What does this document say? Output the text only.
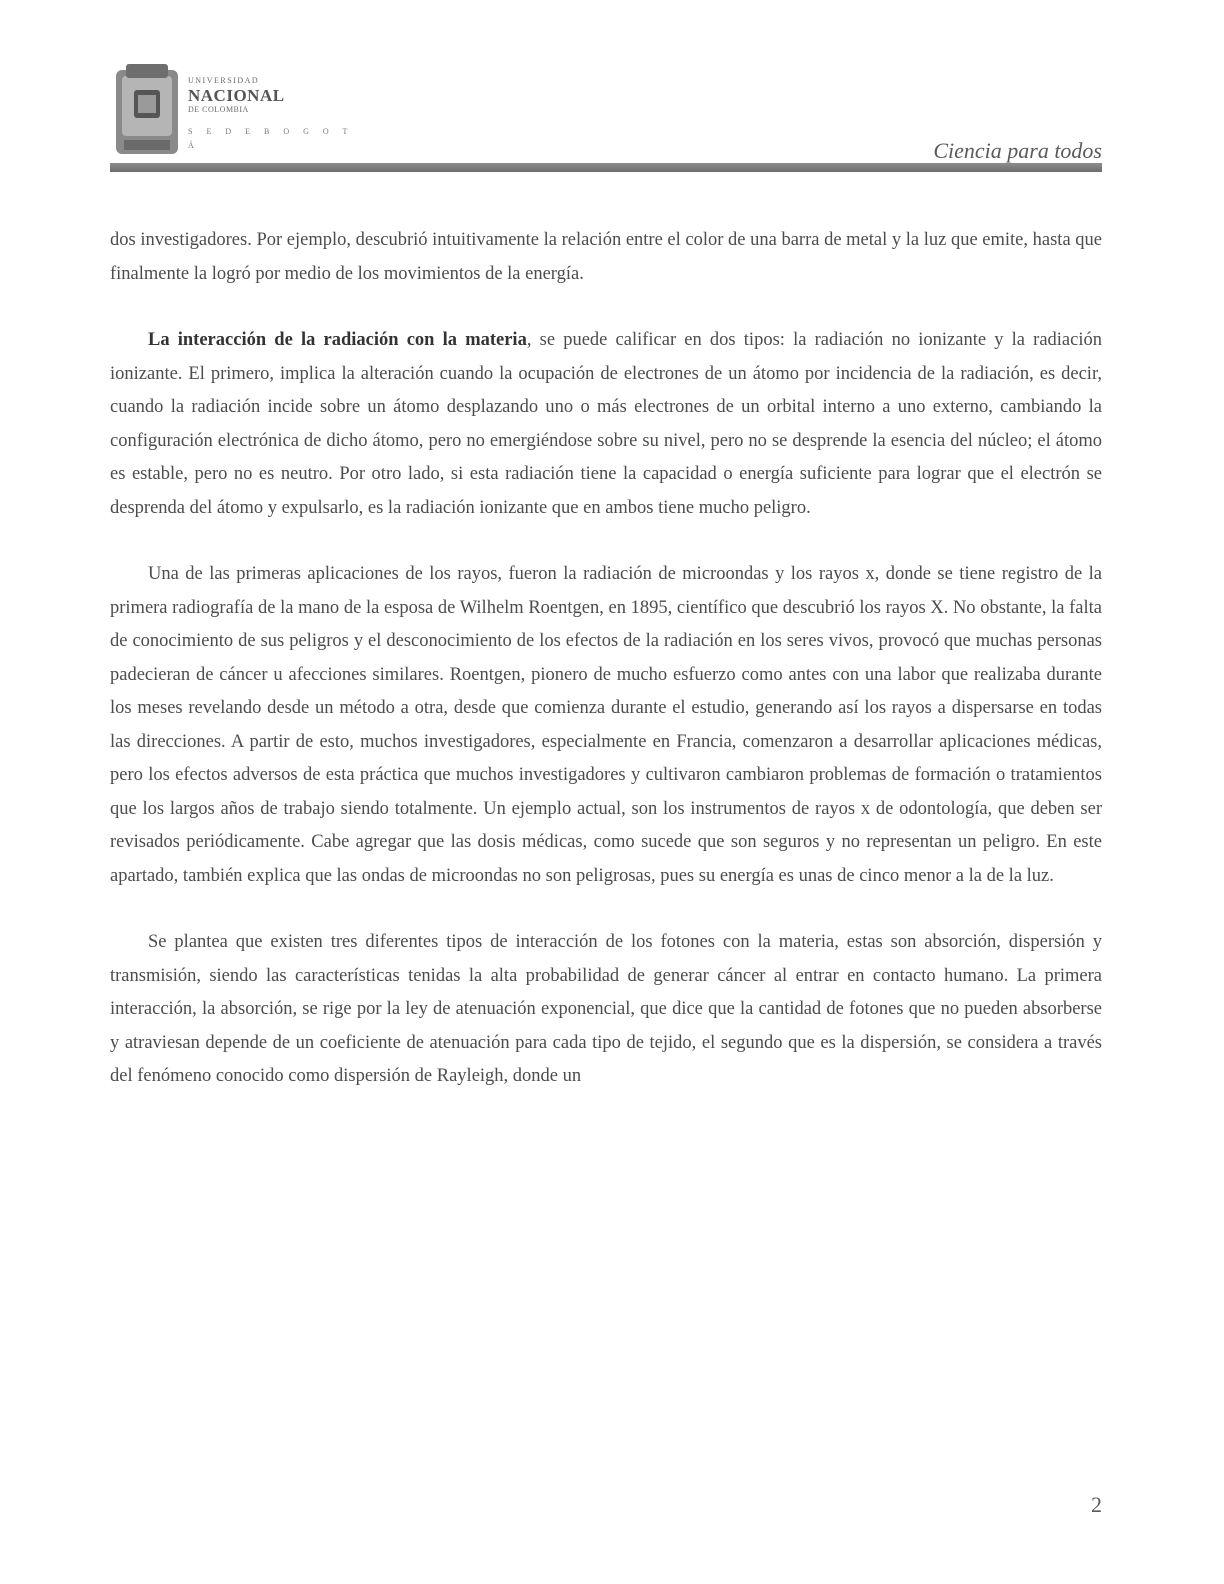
UNIVERSIDAD
NACIONAL
DE COLOMBIA
S E D E B O G O T Á	Ciencia para todos

dos investigadores. Por ejemplo, descubrió intuitivamente la relación entre el color de una barra de metal y la luz que emite, hasta que finalmente la logró por medio de los movimientos de la energía.

La interacción de la radiación con la materia, se puede calificar en dos tipos: la radiación no ionizante y la radiación ionizante. El primero, implica la alteración cuando la ocupación de electrones de un átomo por incidencia de la radiación, es decir, cuando la radiación incide sobre un átomo desplazando uno o más electrones de un orbital interno a uno externo, cambiando la configuración electrónica de dicho átomo, pero no emergiéndose sobre su nivel, pero no se desprende la esencia del núcleo; el átomo es estable, pero no es neutro. Por otro lado, si esta radiación tiene la capacidad o energía suficiente para lograr que el electrón se desprenda del átomo y expulsarlo, es la radiación ionizante que en ambos tiene mucho peligro.

Una de las primeras aplicaciones de los rayos, fueron la radiación de microondas y los rayos x, donde se tiene registro de la primera radiografía de la mano de la esposa de Wilhelm Roentgen, en 1895, científico que descubrió los rayos X. No obstante, la falta de conocimiento de sus peligros y el desconocimiento de los efectos de la radiación en los seres vivos, provocó que muchas personas padecieran de cáncer u afecciones similares. Roentgen, pionero de mucho esfuerzo como antes con una labor que realizaba durante los meses revelando desde un método a otra, desde que comienza durante el estudio, generando así los rayos a dispersarse en todas las direcciones. A partir de esto, muchos investigadores, especialmente en Francia, comenzaron a desarrollar aplicaciones médicas, pero los efectos adversos de esta práctica que muchos investigadores y cultivaron cambiaron problemas de formación o tratamientos que los largos años de trabajo siendo totalmente. Un ejemplo actual, son los instrumentos de rayos x de odontología, que deben ser revisados periódicamente. Cabe agregar que las dosis médicas, como sucede que son seguros y no representan un peligro. En este apartado, también explica que las ondas de microondas no son peligrosas, pues su energía es unas de cinco menor a la de la luz.

Se plantea que existen tres diferentes tipos de interacción de los fotones con la materia, estas son absorción, dispersión y transmisión, siendo las características tenidas la alta probabilidad de generar cáncer al entrar en contacto humano. La primera interacción, la absorción, se rige por la ley de atenuación exponencial, que dice que la cantidad de fotones que no pueden absorberse y atraviesan depende de un coeficiente de atenuación para cada tipo de tejido, el segundo que es la dispersión, se considera a través del fenómeno conocido como dispersión de Rayleigh, donde un

2
